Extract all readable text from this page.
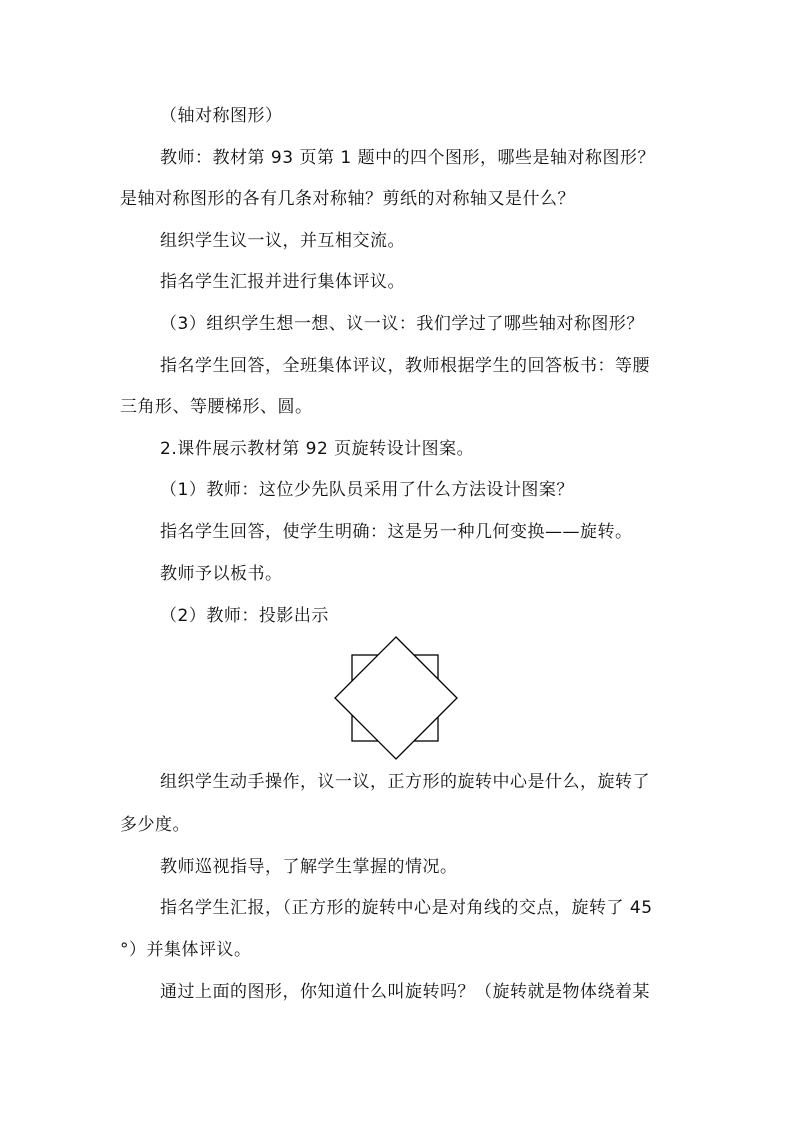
（轴对称图形）
教师：教材第 93 页第 1 题中的四个图形，哪些是轴对称图形？
是轴对称图形的各有几条对称轴？剪纸的对称轴又是什么？
组织学生议一议，并互相交流。
指名学生汇报并进行集体评议。
（3）组织学生想一想、议一议：我们学过了哪些轴对称图形？
指名学生回答，全班集体评议，教师根据学生的回答板书：等腰
三角形、等腰梯形、圆。
2.课件展示教材第 92 页旋转设计图案。
（1）教师：这位少先队员采用了什么方法设计图案？
指名学生回答，使学生明确：这是另一种几何变换——旋转。
教师予以板书。
（2）教师：投影出示
组织学生动手操作，议一议，正方形的旋转中心是什么，旋转了
多少度。
教师巡视指导，了解学生掌握的情况。
指名学生汇报，（正方形的旋转中心是对角线的交点，旋转了 45
°）并集体评议。
通过上面的图形，你知道什么叫旋转吗？（旋转就是物体绕着某
